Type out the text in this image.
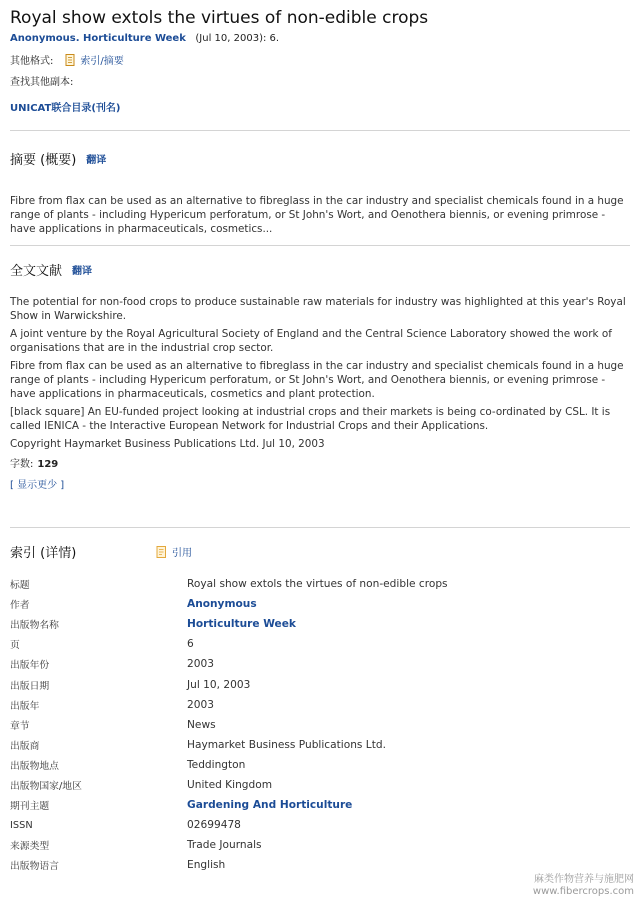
Royal show extols the virtues of non-edible crops
Anonymous. Horticulture Week (Jul 10, 2003): 6.
其他格式:	索引/摘要
查找其他副本:
UNICAT联合目录(刊名)
摘要 (概要) 翻译

Fibre from flax can be used as an alternative to fibreglass in the car industry and specialist chemicals found in a huge range of plants - including Hypericum perforatum, or St John's Wort, and Oenothera biennis, or evening primrose - have applications in pharmaceuticals, cosmetics...

全文文献 翻译

The potential for non-food crops to produce sustainable raw materials for industry was highlighted at this year's Royal Show in Warwickshire.

A joint venture by the Royal Agricultural Society of England and the Central Science Laboratory showed the work of organisations that are in the industrial crop sector.

Fibre from flax can be used as an alternative to fibreglass in the car industry and specialist chemicals found in a huge range of plants - including Hypericum perforatum, or St John's Wort, and Oenothera biennis, or evening primrose - have applications in pharmaceuticals, cosmetics and plant protection.

[black square] An EU-funded project looking at industrial crops and their markets is being co-ordinated by CSL. It is called IENICA - the Interactive European Network for Industrial Crops and their Applications.

Copyright Haymarket Business Publications Ltd. Jul 10, 2003

字数: 129
[ 显示更少 ]
索引 (详情)	引用
标题	Royal show extols the virtues of non-edible crops
作者	Anonymous
出版物名称	Horticulture Week
页	6
出版年份	2003
出版日期	Jul 10, 2003
出版年	2003
章节	News
出版商	Haymarket Business Publications Ltd.
出版物地点	Teddington
出版物国家/地区	United Kingdom
期刊主题	Gardening And Horticulture
ISSN	02699478
来源类型	Trade Journals
出版物语言	English
麻类作物营养与施肥网
www.fibercrops.com
